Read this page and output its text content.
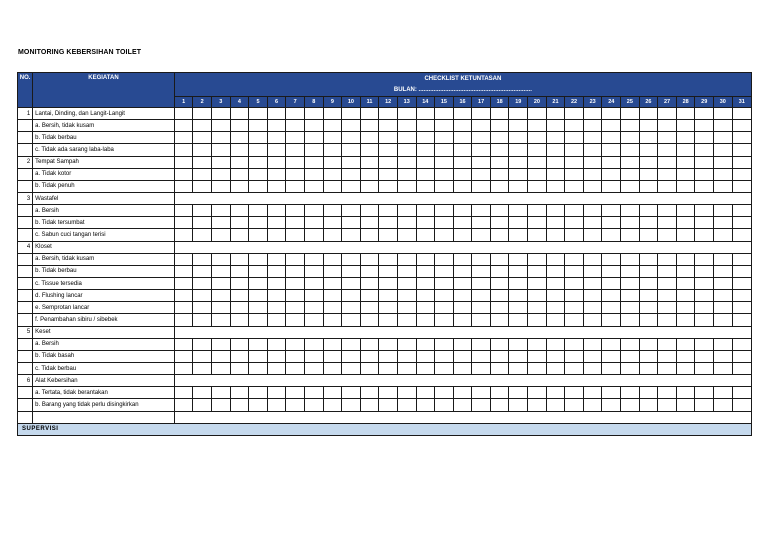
MONITORING KEBERSIHAN TOILET
NO.	KEGIATAN	CHECKLIST KETUNTASAN																														
		BULAN: ....................................................................																														
		1	2	3	4	5	6	7	8	9	10	11	12	13	14	15	16	17	18	19	20	21	22	23	24	25	26	27	28	29	30	31
1	Lantai, Dinding, dan Langit-Langit																															
	a. Bersih, tidak kusam																															
	b. Tidak berbau																															
	c. Tidak ada sarang laba-laba																															
2	Tempat Sampah																															
	a. Tidak kotor																															
	b. Tidak penuh																															
3	Wastafel																															
	a. Bersih																															
	b. Tidak tersumbat																															
	c. Sabun cuci tangan terisi																															
4	Kloset																															
	a. Bersih, tidak kusam																															
	b. Tidak berbau																															
	c. Tissue tersedia																															
	d. Flushing lancar																															
	e. Semprotan lancar																															
	f. Penambahan sibiru / sibebek																															
5	Keset																															
	a. Bersih																															
	b. Tidak basah																															
	c. Tidak berbau																															
6	Alat Kebersihan																															
	a. Tertata, tidak berantakan																															
	b. Barang yang tidak perlu disingkirkan																															

SUPERVISI																																
